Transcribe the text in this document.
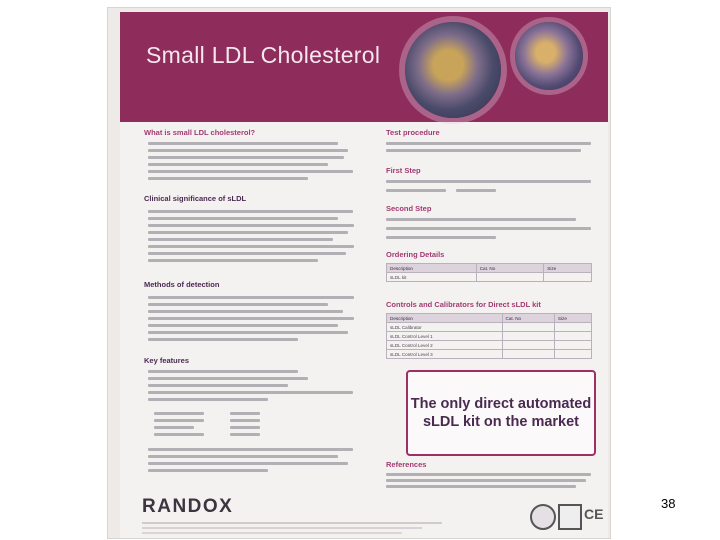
Small LDL Cholesterol
What is small LDL cholesterol?
Clinical significance of sLDL
Methods of detection
Key features
Test procedure
First Step
Second Step
Ordering Details
Description	Cat. No	Size
sLDL kit		
Controls and Calibrators for Direct sLDL kit
Description	Cat. No	Size
sLDL Calibrator		
sLDL Control Level 1		
sLDL Control Level 2		
sLDL Control Level 3		
The only direct automated sLDL kit on the market
References
RANDOX	CE
38
